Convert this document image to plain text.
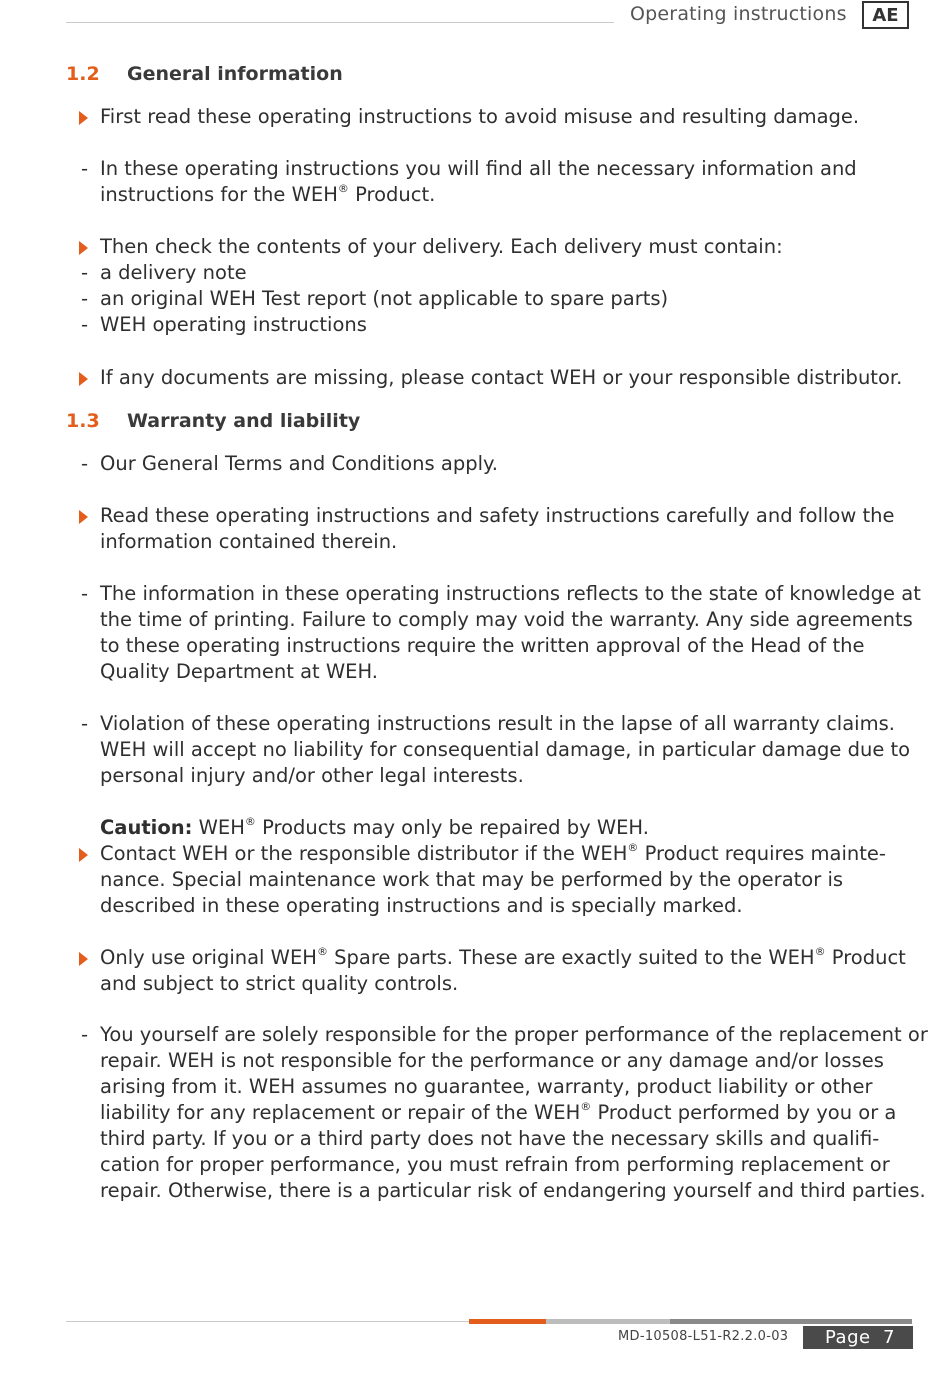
Operating instructions	AE
1.2 General information
First read these operating instructions to avoid misuse and resulting damage.
- In these operating instructions you will find all the necessary information and
instructions for the WEH® Product.
Then check the contents of your delivery. Each delivery must contain:
- a delivery note
- an original WEH Test report (not applicable to spare parts)
- WEH operating instructions
If any documents are missing, please contact WEH or your responsible distributor.
1.3 Warranty and liability
- Our General Terms and Conditions apply.
Read these operating instructions and safety instructions carefully and follow the
information contained therein.
- The information in these operating instructions reflects to the state of knowledge at
the time of printing. Failure to comply may void the warranty. Any side agreements
to these operating instructions require the written approval of the Head of the
Quality Department at WEH.
- Violation of these operating instructions result in the lapse of all warranty claims.
WEH will accept no liability for consequential damage, in particular damage due to
personal injury and/or other legal interests.
Caution: WEH® Products may only be repaired by WEH.
Contact WEH or the responsible distributor if the WEH® Product requires mainte-
nance. Special maintenance work that may be performed by the operator is
described in these operating instructions and is specially marked.
Only use original WEH® Spare parts. These are exactly suited to the WEH® Product
and subject to strict quality controls.
- You yourself are solely responsible for the proper performance of the replacement or
repair. WEH is not responsible for the performance or any damage and/or losses
arising from it. WEH assumes no guarantee, warranty, product liability or other
liability for any replacement or repair of the WEH® Product performed by you or a
third party. If you or a third party does not have the necessary skills and qualifi-
cation for proper performance, you must refrain from performing replacement or
repair. Otherwise, there is a particular risk of endangering yourself and third parties.
MD-10508-L51-R2.2.0-03	Page 7
